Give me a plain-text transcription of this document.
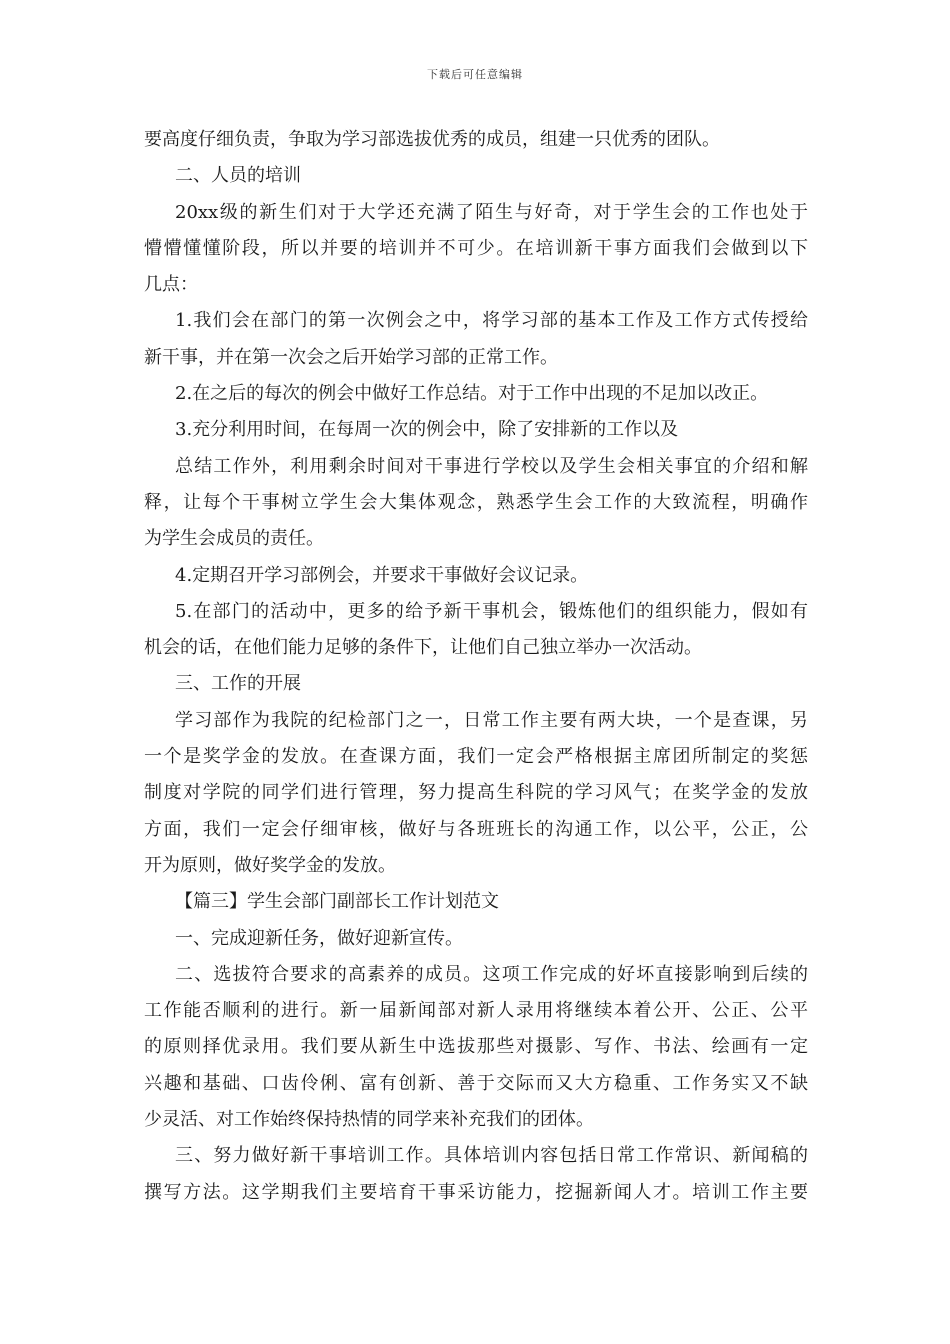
下载后可任意编辑
要高度仔细负责，争取为学习部选拔优秀的成员，组建一只优秀的团队。
二、人员的培训
20xx级的新生们对于大学还充满了陌生与好奇，对于学生会的工作也处于
懵懵懂懂阶段，所以并要的培训并不可少。在培训新干事方面我们会做到以下
几点：
1.我们会在部门的第一次例会之中，将学习部的基本工作及工作方式传授给
新干事，并在第一次会之后开始学习部的正常工作。
2.在之后的每次的例会中做好工作总结。对于工作中出现的不足加以改正。
3.充分利用时间，在每周一次的例会中，除了安排新的工作以及
总结工作外，利用剩余时间对干事进行学校以及学生会相关事宜的介绍和解
释，让每个干事树立学生会大集体观念，熟悉学生会工作的大致流程，明确作
为学生会成员的责任。
4.定期召开学习部例会，并要求干事做好会议记录。
5.在部门的活动中，更多的给予新干事机会，锻炼他们的组织能力，假如有
机会的话，在他们能力足够的条件下，让他们自己独立举办一次活动。
三、工作的开展
学习部作为我院的纪检部门之一，日常工作主要有两大块，一个是查课，另
一个是奖学金的发放。在查课方面，我们一定会严格根据主席团所制定的奖惩
制度对学院的同学们进行管理，努力提高生科院的学习风气；在奖学金的发放
方面，我们一定会仔细审核，做好与各班班长的沟通工作，以公平，公正，公
开为原则，做好奖学金的发放。
【篇三】学生会部门副部长工作计划范文
一、完成迎新任务，做好迎新宣传。
二、选拔符合要求的高素养的成员。这项工作完成的好坏直接影响到后续的
工作能否顺利的进行。新一届新闻部对新人录用将继续本着公开、公正、公平
的原则择优录用。我们要从新生中选拔那些对摄影、写作、书法、绘画有一定
兴趣和基础、口齿伶俐、富有创新、善于交际而又大方稳重、工作务实又不缺
少灵活、对工作始终保持热情的同学来补充我们的团体。
三、努力做好新干事培训工作。具体培训内容包括日常工作常识、新闻稿的
撰写方法。这学期我们主要培育干事采访能力，挖掘新闻人才。培训工作主要
